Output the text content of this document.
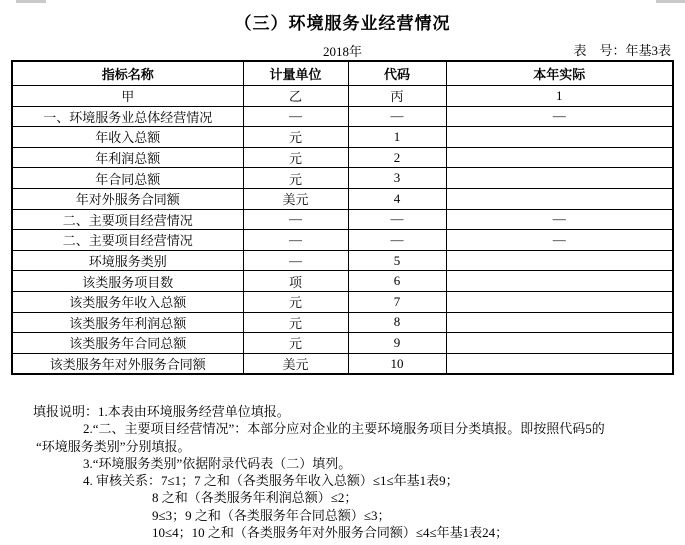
（三）环境服务业经营情况
2018年	表　号：年基3表
指标名称	计量单位	代码	本年实际
甲	乙	丙	1
一、环境服务业总体经营情况	—	—	—
年收入总额	元	1	
年利润总额	元	2	
年合同总额	元	3	
年对外服务合同额	美元	4	
二、主要项目经营情况	—	—	—
二、主要项目经营情况	—	—	—
环境服务类别	—	5	
该类服务项目数	项	6	
该类服务年收入总额	元	7	
该类服务年利润总额	元	8	
该类服务年合同总额	元	9	
该类服务年对外服务合同额	美元	10	
填报说明：1.本表由环境服务经营单位填报。
2.“二、主要项目经营情况”：本部分应对企业的主要环境服务项目分类填报。即按照代码5的
“环境服务类别”分别填报。
3.“环境服务类别”依据附录代码表（二）填列。
4. 审核关系：7≤1；7 之和（各类服务年收入总额）≤1≤年基1表9；
8 之和（各类服务年利润总额）≤2；
9≤3；9 之和（各类服务年合同总额）≤3；
10≤4；10 之和（各类服务年对外服务合同额）≤4≤年基1表24；
